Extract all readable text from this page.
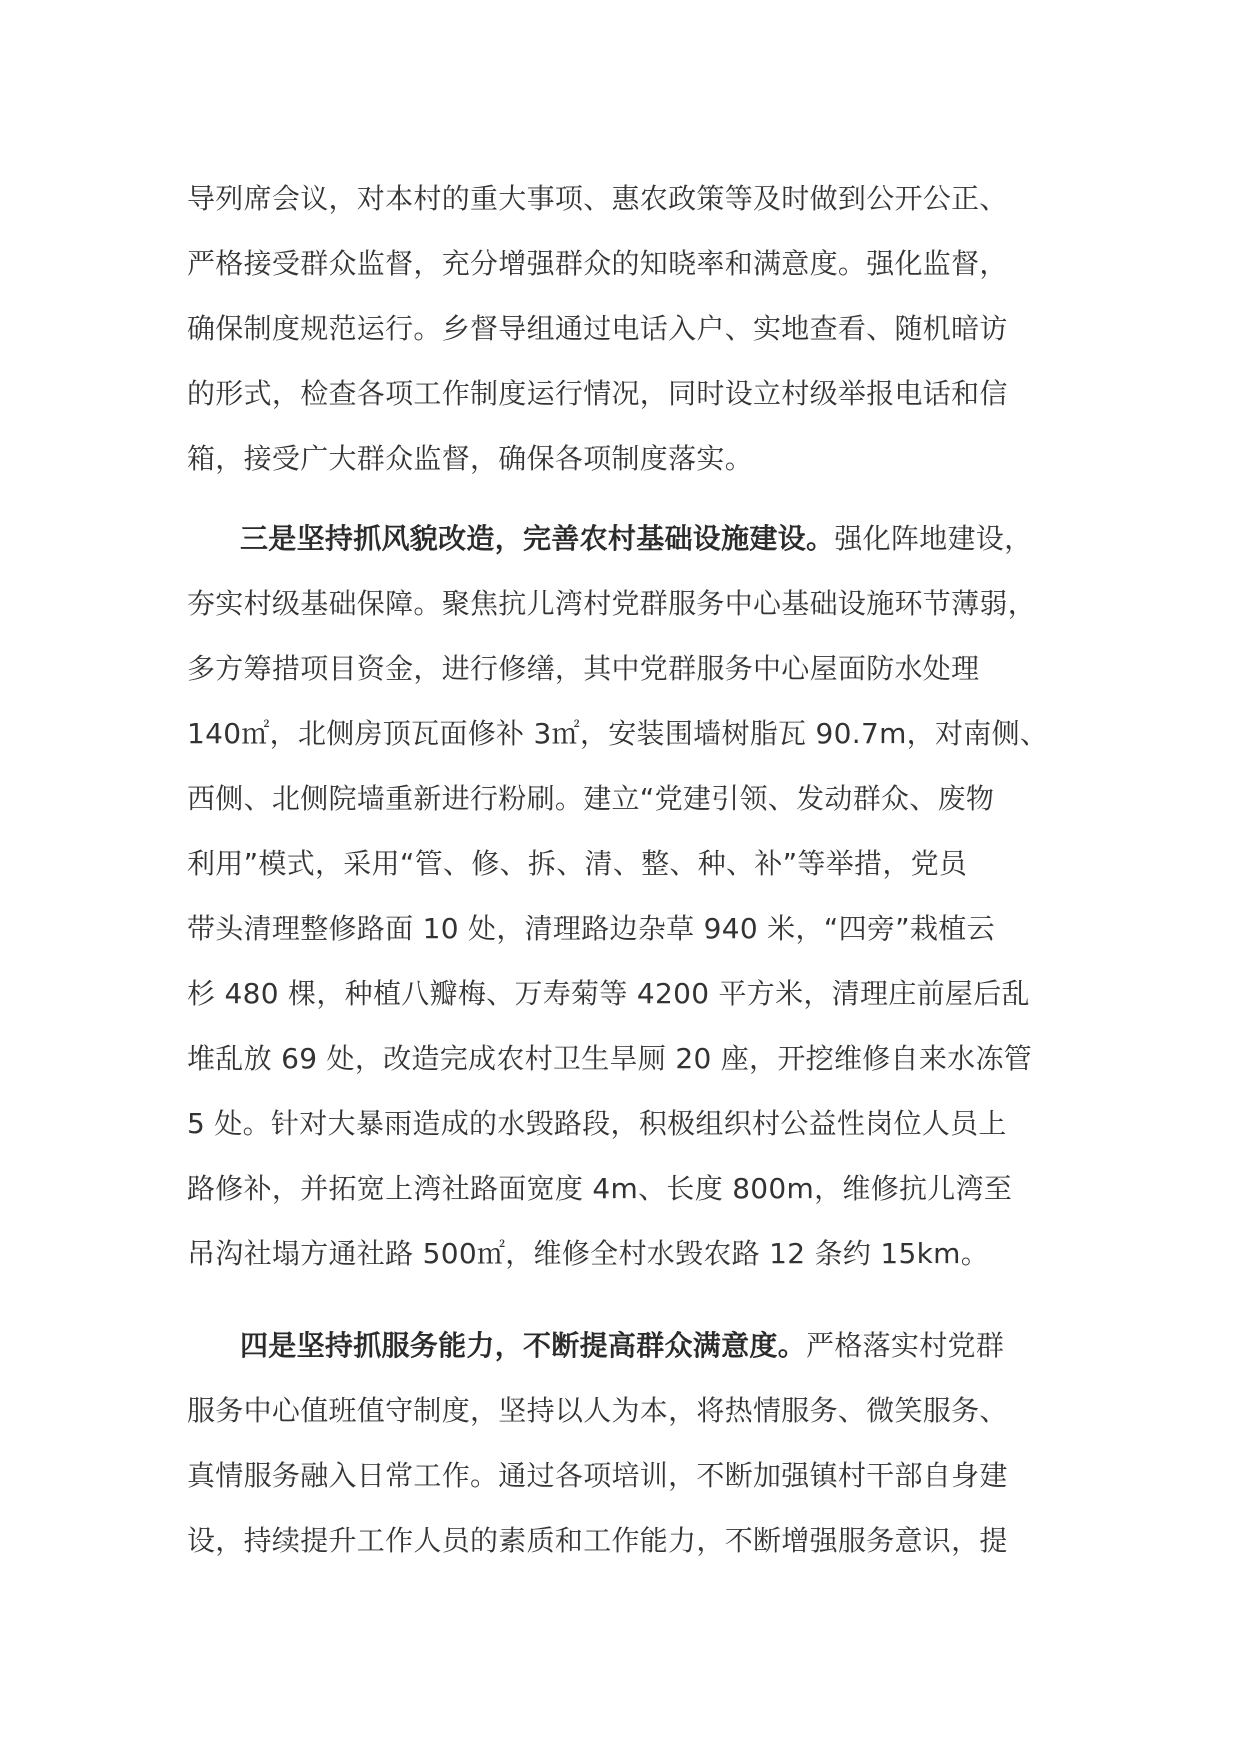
导列席会议，对本村的重大事项、惠农政策等及时做到公开公正、
严格接受群众监督，充分增强群众的知晓率和满意度。强化监督，
确保制度规范运行。乡督导组通过电话入户、实地查看、随机暗访
的形式，检查各项工作制度运行情况，同时设立村级举报电话和信
箱，接受广大群众监督，确保各项制度落实。
三是坚持抓风貌改造，完善农村基础设施建设。强化阵地建设，
夯实村级基础保障。聚焦抗儿湾村党群服务中心基础设施环节薄弱，
多方筹措项目资金，进行修缮，其中党群服务中心屋面防水处理
140㎡，北侧房顶瓦面修补 3㎡，安装围墙树脂瓦 90.7m，对南侧、
西侧、北侧院墙重新进行粉刷。建立“党建引领、发动群众、废物
利用”模式，采用“管、修、拆、清、整、种、补”等举措，党员
带头清理整修路面 10 处，清理路边杂草 940 米，“四旁”栽植云
杉 480 棵，种植八瓣梅、万寿菊等 4200 平方米，清理庄前屋后乱
堆乱放 69 处，改造完成农村卫生旱厕 20 座，开挖维修自来水冻管
5 处。针对大暴雨造成的水毁路段，积极组织村公益性岗位人员上
路修补，并拓宽上湾社路面宽度 4m、长度 800m，维修抗儿湾至
吊沟社塌方通社路 500㎡，维修全村水毁农路 12 条约 15km。
四是坚持抓服务能力，不断提高群众满意度。严格落实村党群
服务中心值班值守制度，坚持以人为本，将热情服务、微笑服务、
真情服务融入日常工作。通过各项培训，不断加强镇村干部自身建
设，持续提升工作人员的素质和工作能力，不断增强服务意识，提
